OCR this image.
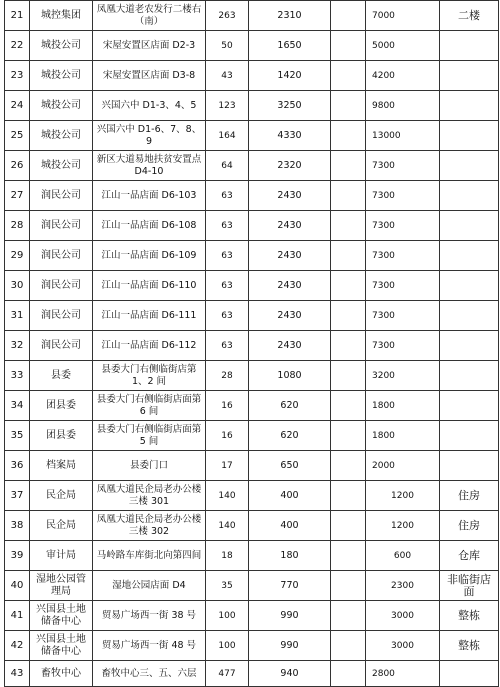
21	城控集团	凤凰大道老农发行二楼右（南）	263	2310		7000	二楼
22	城投公司	宋屋安置区店面 D2-3	50	1650		5000	
23	城投公司	宋屋安置区店面 D3-8	43	1420		4200	
24	城投公司	兴国六中 D1-3、4、5	123	3250		9800	
25	城投公司	兴国六中 D1-6、7、8、9	164	4330		13000	
26	城投公司	新区大道易地扶贫安置点 D4-10	64	2320		7300	
27	润民公司	江山一品店面 D6-103	63	2430		7300	
28	润民公司	江山一品店面 D6-108	63	2430		7300	
29	润民公司	江山一品店面 D6-109	63	2430		7300	
30	润民公司	江山一品店面 D6-110	63	2430		7300	
31	润民公司	江山一品店面 D6-111	63	2430		7300	
32	润民公司	江山一品店面 D6-112	63	2430		7300	
33	县委	县委大门右侧临街店第 1、2 间	28	1080		3200	
34	团县委	县委大门右侧临街店面第 6 间	16	620		1800	
35	团县委	县委大门右侧临街店面第 5 间	16	620		1800	
36	档案局	县委门口	17	650		2000	
37	民企局	凤凰大道民企局老办公楼三楼 301	140	400		1200	住房
38	民企局	凤凰大道民企局老办公楼三楼 302	140	400		1200	住房
39	审计局	马岭路车库街北向第四间	18	180		600	仓库
40	湿地公园管理局	湿地公园店面 D4	35	770		2300	非临街店面
41	兴国县土地储备中心	贸易广场西一街 38 号	100	990		3000	整栋
42	兴国县土地储备中心	贸易广场西一街 48 号	100	990		3000	整栋
43	畜牧中心	畜牧中心三、五、六层	477	940		2800	
